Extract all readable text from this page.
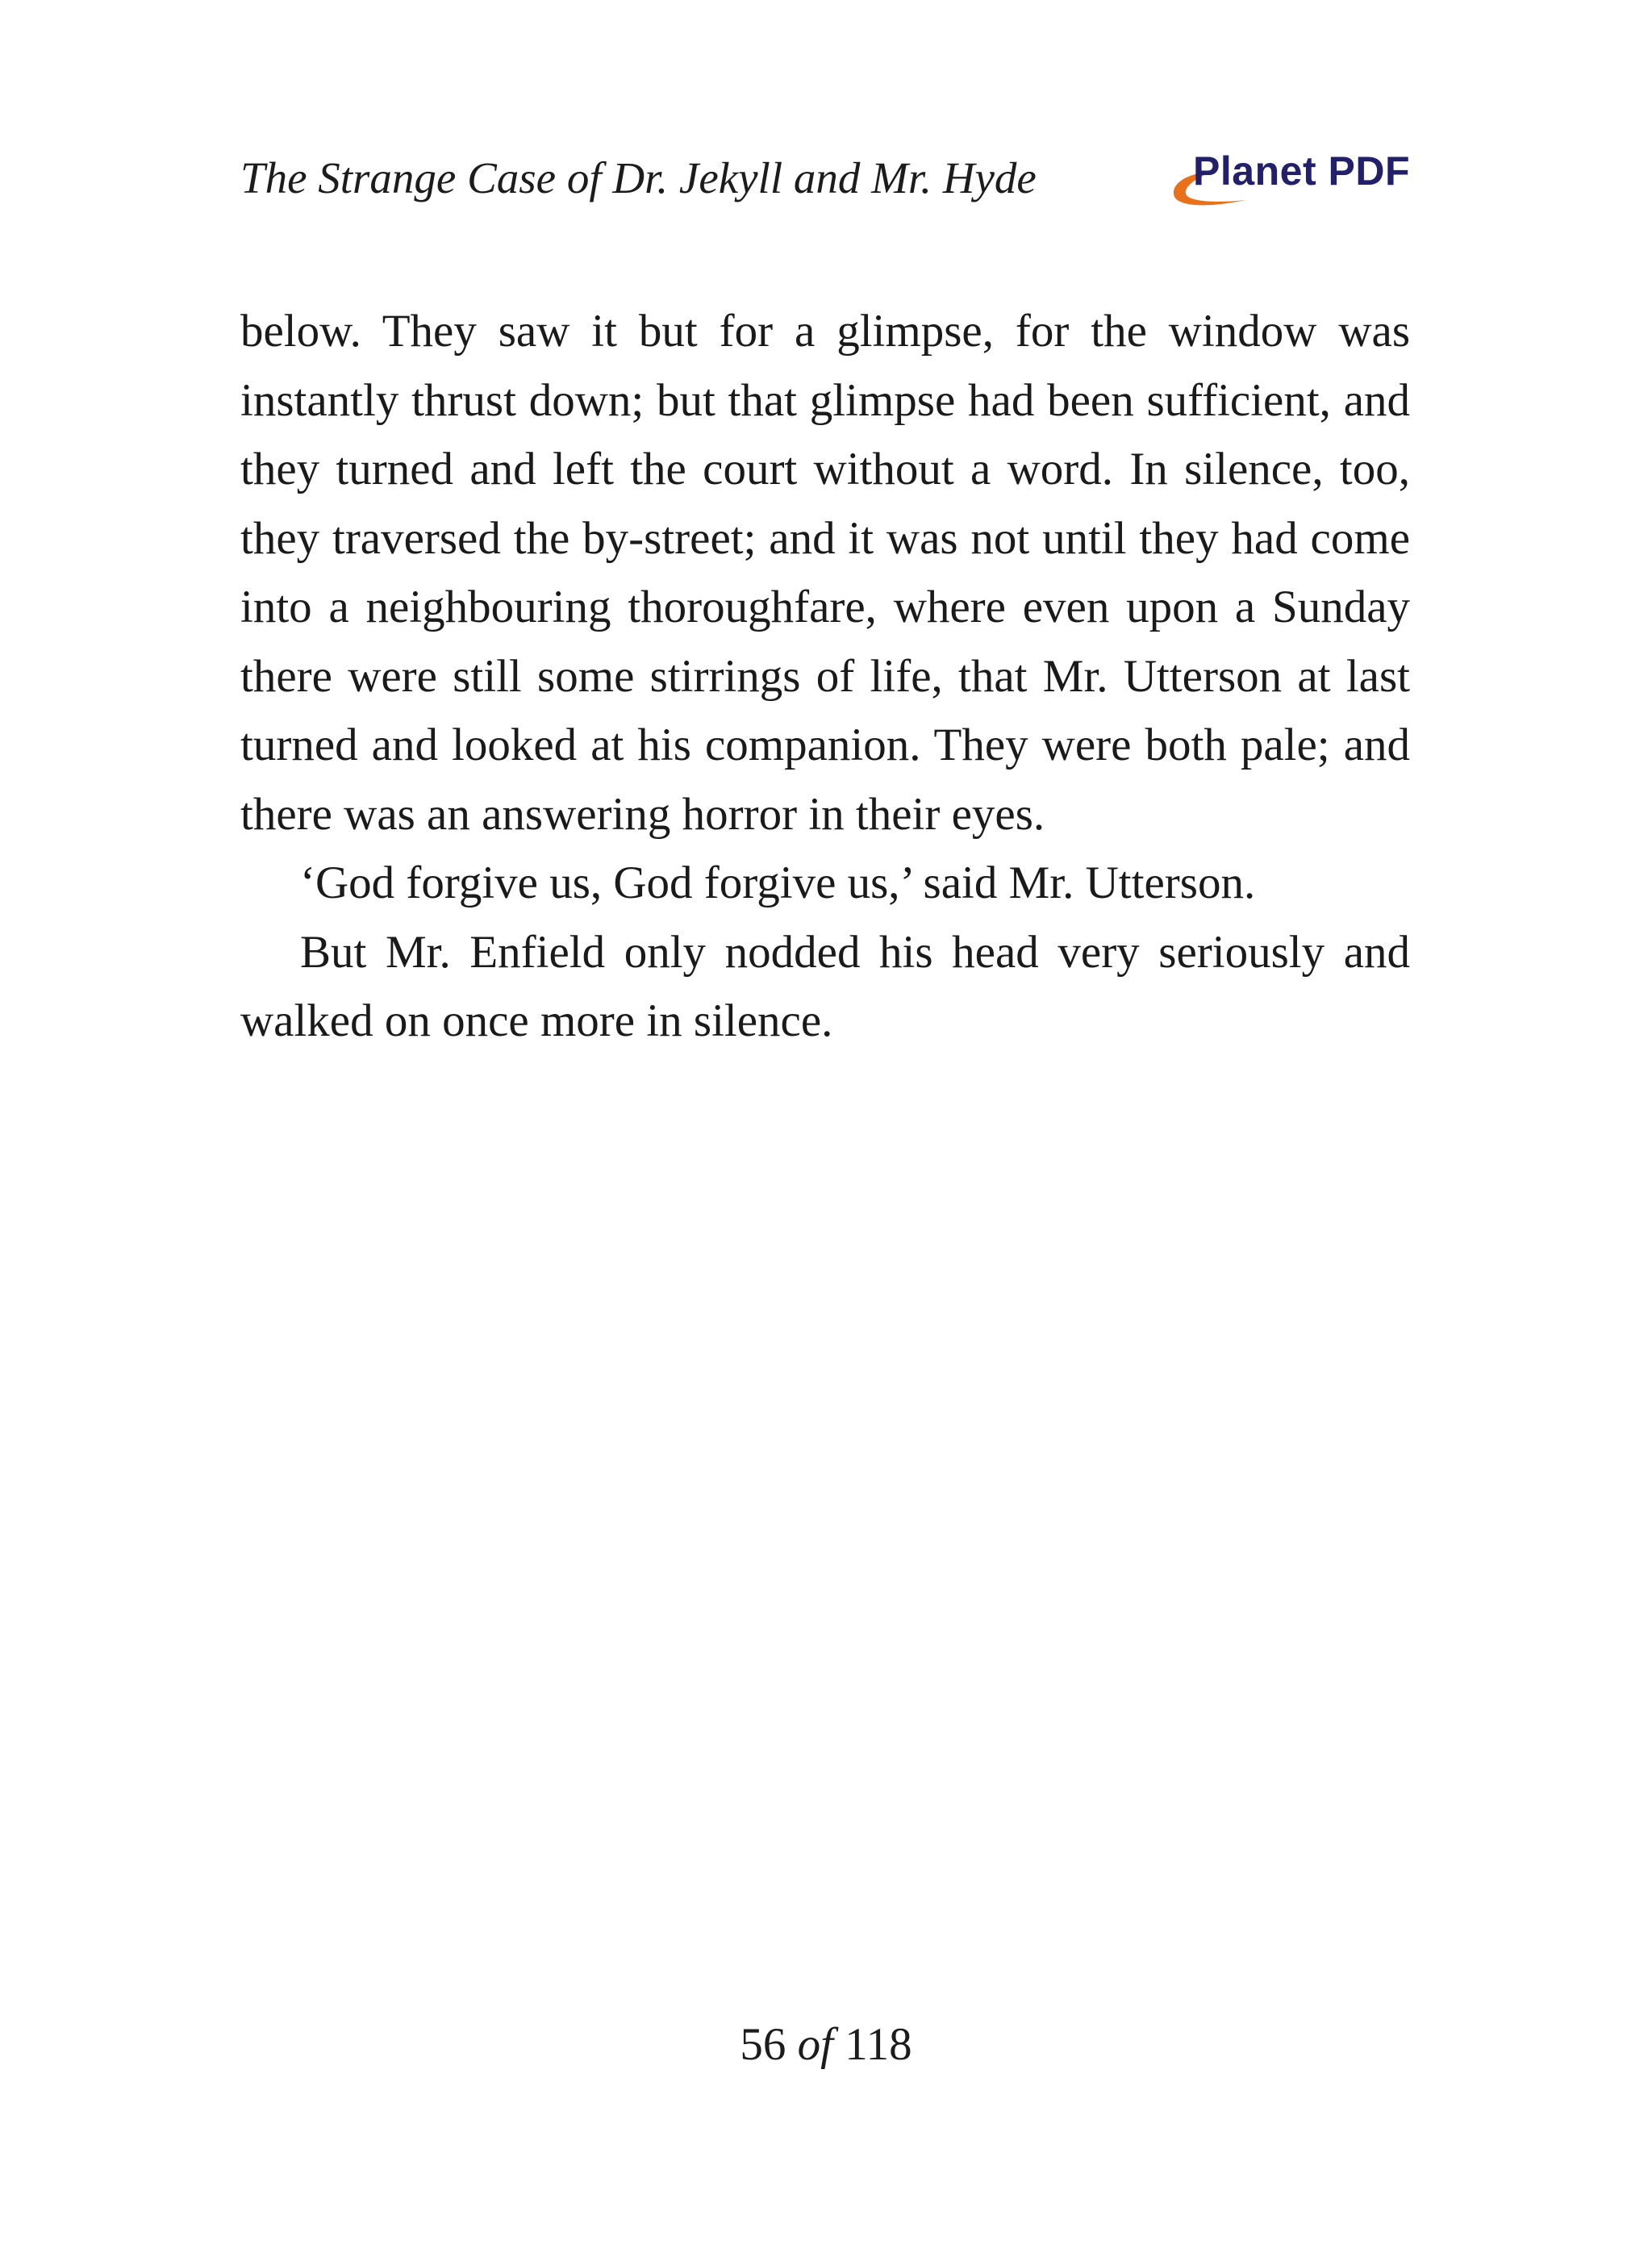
The Strange Case of Dr. Jekyll and Mr. Hyde	Planet PDF

below. They saw it but for a glimpse, for the window was instantly thrust down; but that glimpse had been sufficient, and they turned and left the court without a word. In silence, too, they traversed the by-street; and it was not until they had come into a neighbouring thoroughfare, where even upon a Sunday there were still some stirrings of life, that Mr. Utterson at last turned and looked at his companion. They were both pale; and there was an answering horror in their eyes.

‘God forgive us, God forgive us,’ said Mr. Utterson.

But Mr. Enfield only nodded his head very seriously and walked on once more in silence.

56 of 118
